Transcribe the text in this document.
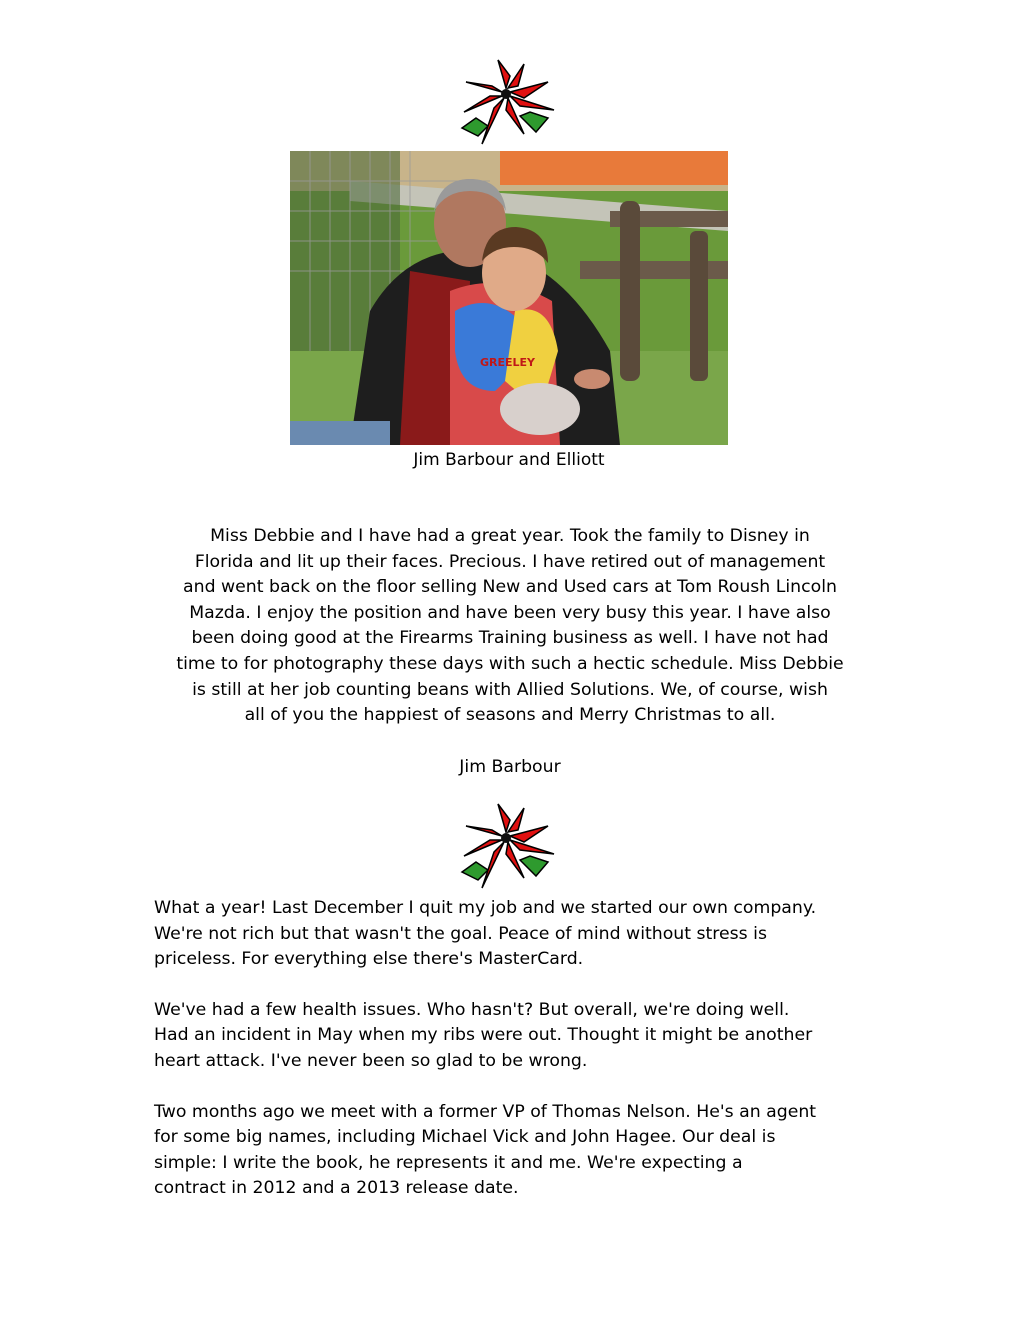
GREELEY
Jim Barbour and Elliott

Miss Debbie and I have had a great year. Took the family to Disney in

Florida and lit up their faces. Precious. I have retired out of management

and went back on the floor selling New and Used cars at Tom Roush Lincoln

Mazda. I enjoy the position and have been very busy this year. I have also

been doing good at the Firearms Training business as well. I have not had

time to for photography these days with such a hectic schedule. Miss Debbie

is still at her job counting beans with Allied Solutions. We, of course, wish

all of you the happiest of seasons and Merry Christmas to all.

Jim Barbour

What a year! Last December I quit my job and we started our own company.
We're not rich but that wasn't the goal. Peace of mind without stress is
priceless. For everything else there's MasterCard.

We've had a few health issues. Who hasn't? But overall, we're doing well.
Had an incident in May when my ribs were out. Thought it might be another
heart attack. I've never been so glad to be wrong.

Two months ago we meet with a former VP of Thomas Nelson. He's an agent
for some big names, including Michael Vick and John Hagee. Our deal is
simple: I write the book, he represents it and me. We're expecting a
contract in 2012 and a 2013 release date.
